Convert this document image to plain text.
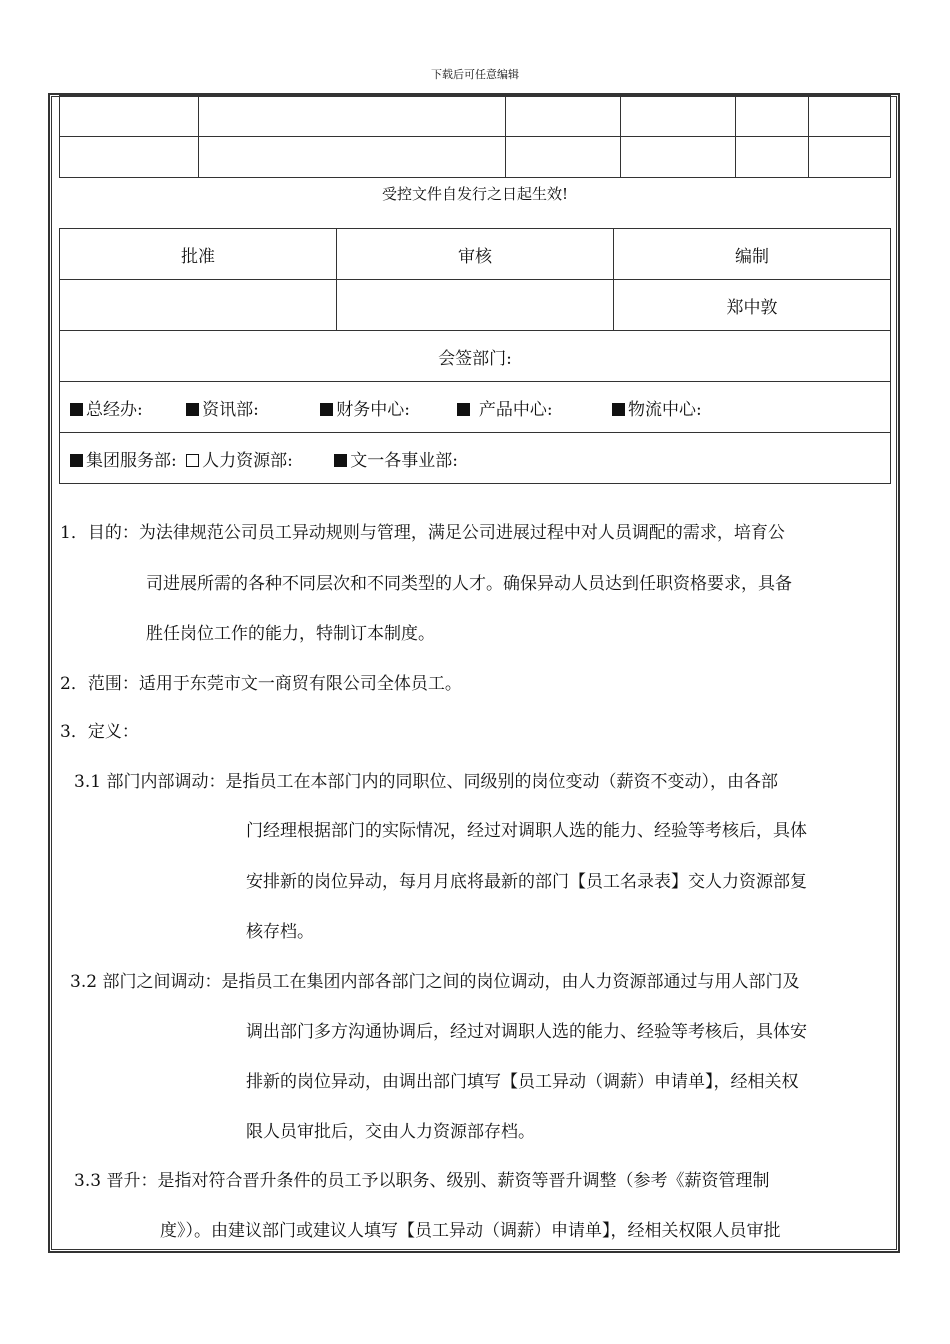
下载后可任意编辑

受控文件自发行之日起生效!
批准	审核	编制
		郑中敦
会签部门:		
总经办: 资讯部: 财务中心: 产品中心: 物流中心:		
集团服务部: 人力资源部: 文一各事业部:		
1．目的：为法律规范公司员工异动规则与管理，满足公司进展过程中对人员调配的需求，培育公
司进展所需的各种不同层次和不同类型的人才。确保异动人员达到任职资格要求，具备
胜任岗位工作的能力，特制订本制度。
2．范围：适用于东莞市文一商贸有限公司全体员工。
3．定义：
3.1 部门内部调动：是指员工在本部门内的同职位、同级别的岗位变动（薪资不变动），由各部
门经理根据部门的实际情况，经过对调职人选的能力、经验等考核后，具体
安排新的岗位异动，每月月底将最新的部门【员工名录表】交人力资源部复
核存档。
3.2 部门之间调动：是指员工在集团内部各部门之间的岗位调动，由人力资源部通过与用人部门及
调出部门多方沟通协调后，经过对调职人选的能力、经验等考核后，具体安
排新的岗位异动，由调出部门填写【员工异动（调薪）申请单】，经相关权
限人员审批后，交由人力资源部存档。
3.3 晋升：是指对符合晋升条件的员工予以职务、级别、薪资等晋升调整（参考《薪资管理制
度》）。由建议部门或建议人填写【员工异动（调薪）申请单】，经相关权限人员审批
